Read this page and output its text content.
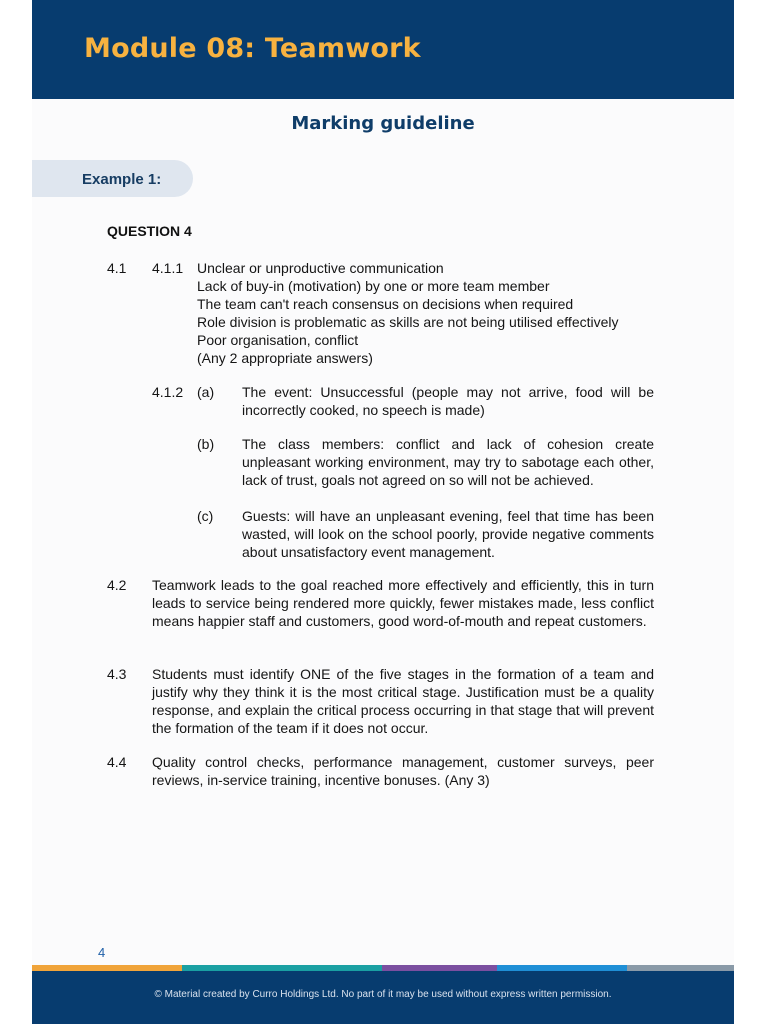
Module 08: Teamwork
Marking guideline
Example 1:
QUESTION 4
4.1 4.1.1 Unclear or unproductive communication
Lack of buy-in (motivation) by one or more team member
The team can't reach consensus on decisions when required
Role division is problematic as skills are not being utilised effectively
Poor organisation, conflict
(Any 2 appropriate answers)
4.1.2 (a) The event: Unsuccessful (people may not arrive, food will be incorrectly cooked, no speech is made)
(b) The class members: conflict and lack of cohesion create unpleasant working environment, may try to sabotage each other, lack of trust, goals not agreed on so will not be achieved.
(c) Guests: will have an unpleasant evening, feel that time has been wasted, will look on the school poorly, provide negative comments about unsatisfactory event management.
4.2 Teamwork leads to the goal reached more effectively and efficiently, this in turn leads to service being rendered more quickly, fewer mistakes made, less conflict means happier staff and customers, good word-of-mouth and repeat customers.
4.3 Students must identify ONE of the five stages in the formation of a team and justify why they think it is the most critical stage. Justification must be a quality response, and explain the critical process occurring in that stage that will prevent the formation of the team if it does not occur.
4.4 Quality control checks, performance management, customer surveys, peer reviews, in-service training, incentive bonuses. (Any 3)
4
© Material created by Curro Holdings Ltd. No part of it may be used without express written permission.
